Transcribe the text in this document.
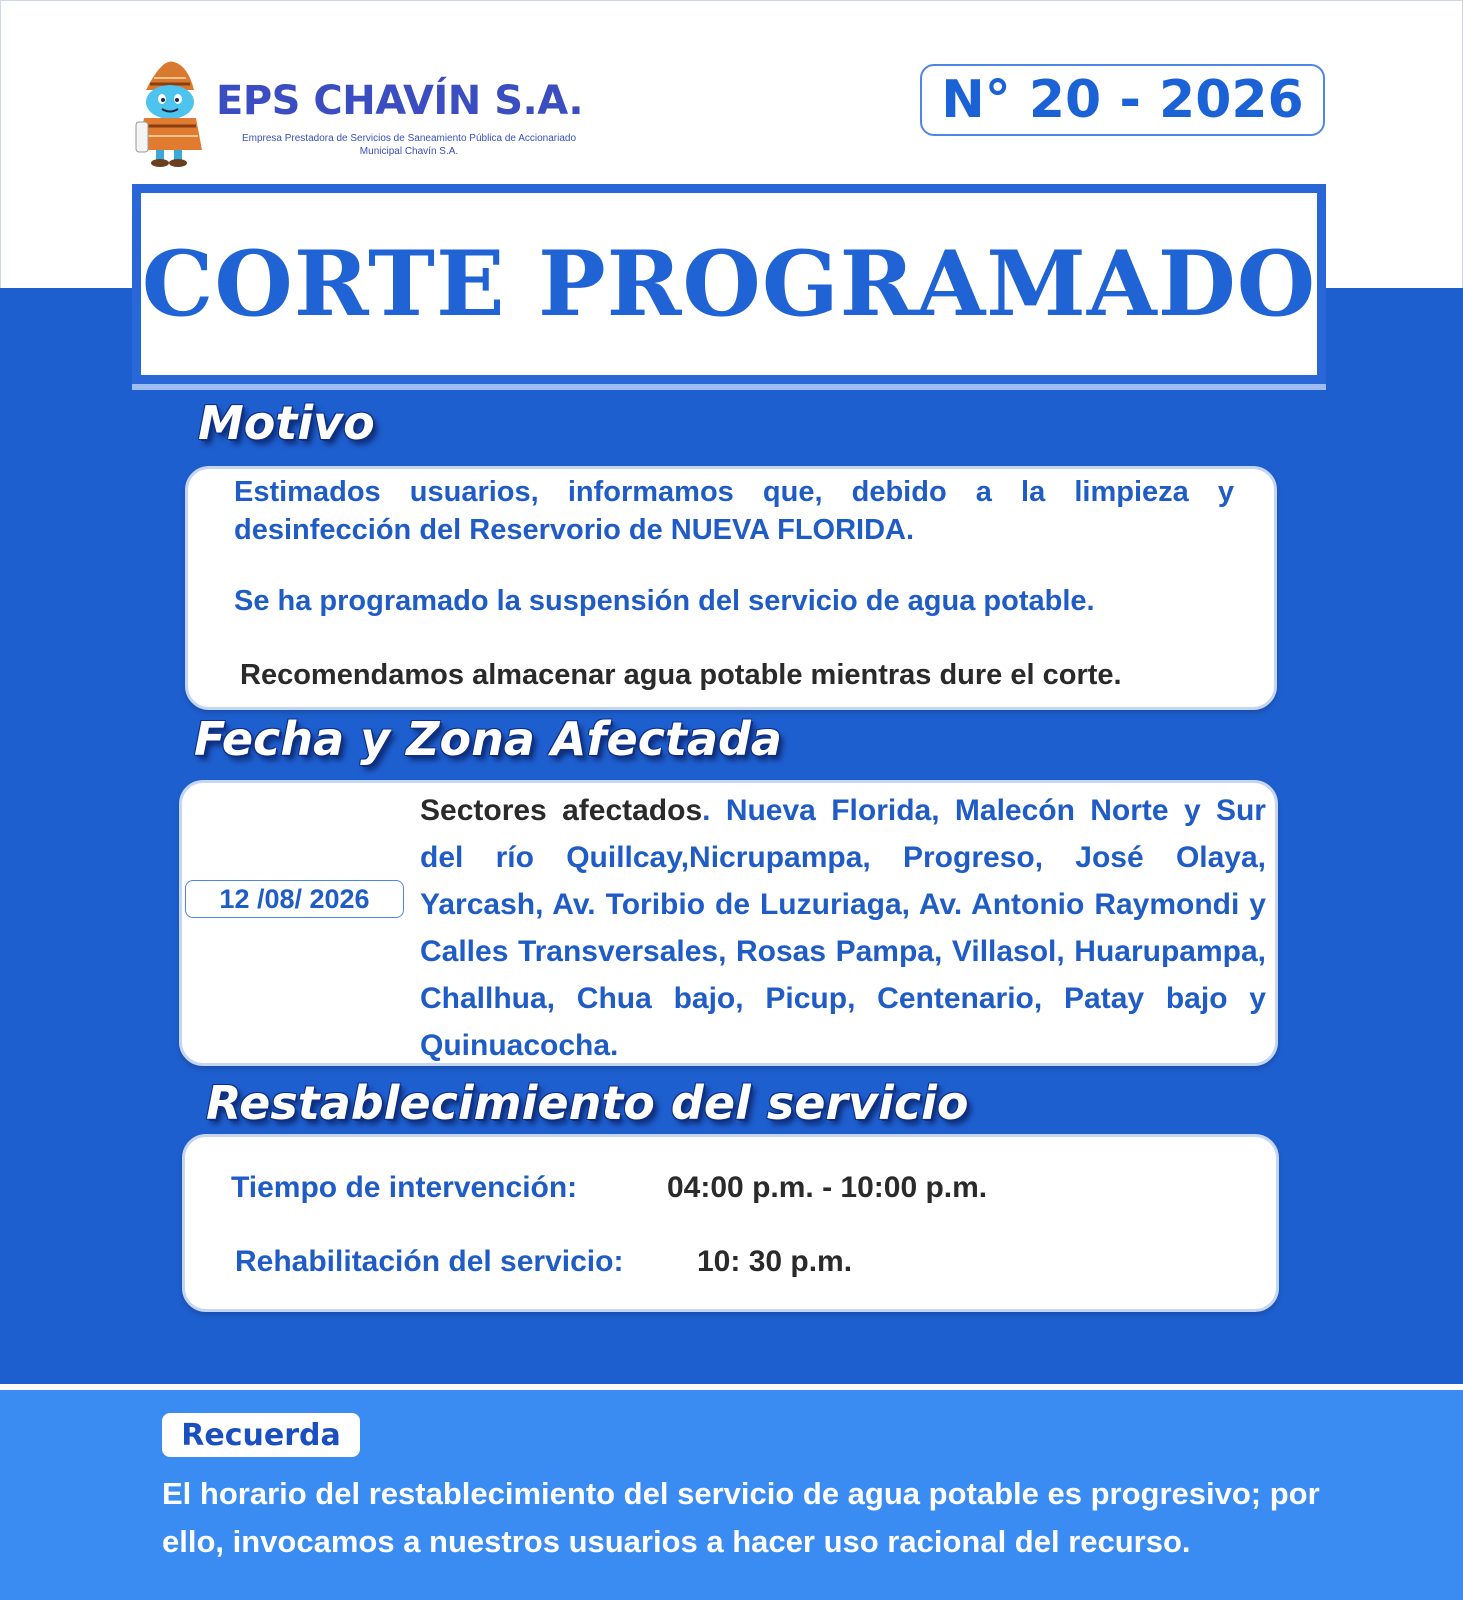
EPS CHAVÍN S.A.
Empresa Prestadora de Servicios de Saneamiento Pública de Accionariado Municipal Chavín S.A.
N° 20 - 2026
CORTE PROGRAMADO
Motivo
Estimados usuarios, informamos que, debido a la limpieza y desinfección del Reservorio de NUEVA FLORIDA.
Se ha programado la suspensión del servicio de agua potable.
Recomendamos almacenar agua potable mientras dure el corte.
Fecha y Zona Afectada
12 /08/ 2026
Sectores afectados. Nueva Florida, Malecón Norte y Sur del río Quillcay,Nicrupampa, Progreso, José Olaya, Yarcash, Av. Toribio de Luzuriaga, Av. Antonio Raymondi y Calles Transversales, Rosas Pampa, Villasol, Huarupampa, Challhua, Chua bajo, Picup, Centenario, Patay bajo y Quinuacocha.
Restablecimiento del servicio
Tiempo de intervención:	04:00 p.m. - 10:00 p.m.
Rehabilitación del servicio: 10: 30 p.m.
Recuerda
El horario del restablecimiento del servicio de agua potable es progresivo; por ello, invocamos a nuestros usuarios a hacer uso racional del recurso.
